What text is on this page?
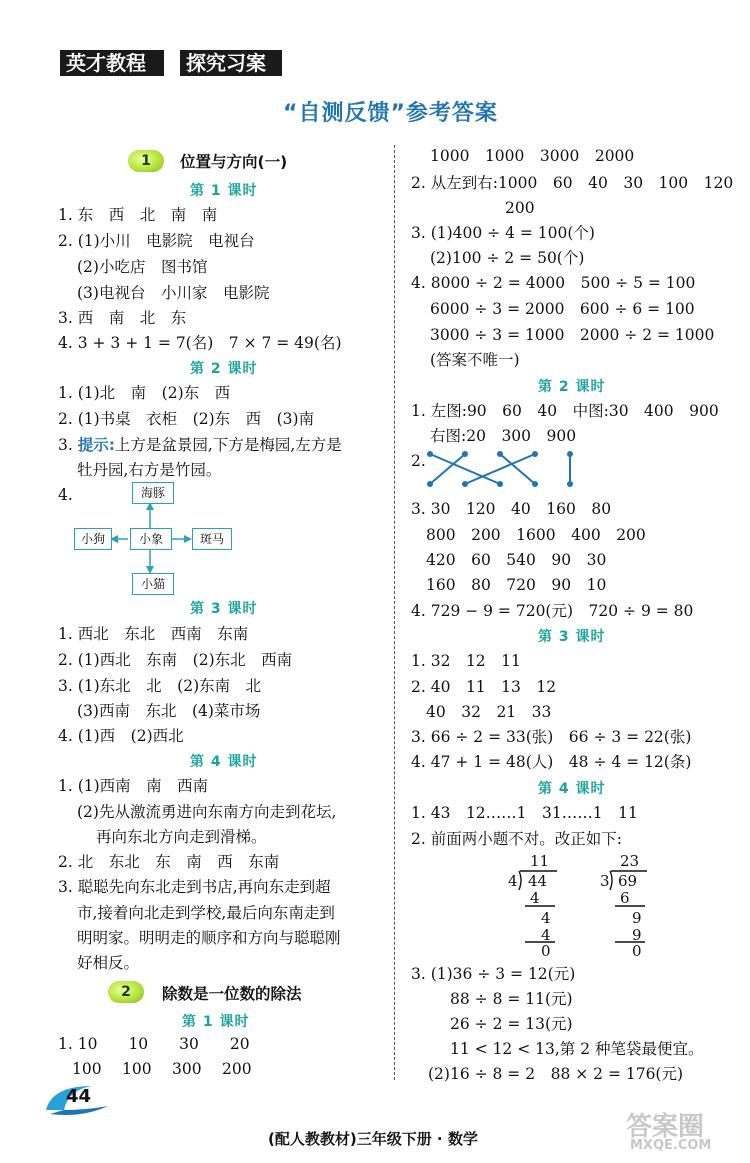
英才教程	探究习案
“自测反馈”参考答案
1	位置与方向(一)
第 1 课时
1. 东　西　北　南　南
2. (1)小川　电影院　电视台
(2)小吃店　图书馆
(3)电视台　小川家　电影院
3. 西　南　北　东
4. 3 + 3 + 1 = 7(名)　7 × 7 = 49(名)
第 2 课时
1. (1)北　南　(2)东　西
2. (1)书桌　衣柜　(2)东　西　(3)南
3. 提示:上方是盆景园,下方是梅园,左方是
牡丹园,右方是竹园。
4.	海豚
小狗	小象	斑马
小猫
第 3 课时
1. 西北　东北　西南　东南
2. (1)西北　东南　(2)东北　西南
3. (1)东北　北　(2)东南　北
(3)西南　东北　(4)菜市场
4. (1)西　(2)西北
第 4 课时
1. (1)西南　南　西南
(2)先从激流勇进向东南方向走到花坛,
再向东北方向走到滑梯。
2. 北　东北　东　南　西　东南
3. 聪聪先向东北走到书店,再向东走到超
市,接着向北走到学校,最后向东南走到
明明家。明明走的顺序和方向与聪聪刚
好相反。
2	除数是一位数的除法
第 1 课时
1. 10　　10　　30　　20
100　 100　 300　 200
1000　1000　3000　2000
2. 从左到右:1000　60　40　30　100　120
200
3. (1)400 ÷ 4 = 100(个)
(2)100 ÷ 2 = 50(个)
4. 8000 ÷ 2 = 4000　500 ÷ 5 = 100
6000 ÷ 3 = 2000　600 ÷ 6 = 100
3000 ÷ 3 = 1000　2000 ÷ 2 = 1000
(答案不唯一)
第 2 课时
1. 左图:90　60　40　中图:30　400　900
右图:20　300　900
2.
3. 30　120　40　160　80
800　200　1600　400　200
420　60　540　90　30
160　80　720　90　10
4. 729 − 9 = 720(元)　720 ÷ 9 = 80
第 3 课时
1. 32　12　11
2. 40　11　13　12
40　32　21　33
3. 66 ÷ 2 = 33(张)　66 ÷ 3 = 22(张)
4. 47 + 1 = 48(人)　48 ÷ 4 = 12(条)
第 4 课时
1. 43　12……1　31……1　11
2. 前面两小题不对。改正如下:
11
4 44
4
4
4
0
23
3 69
6
9
9
0
3. (1)36 ÷ 3 = 12(元)
88 ÷ 8 = 11(元)
26 ÷ 2 = 13(元)
11 < 12 < 13,第 2 种笔袋最便宜。
(2)16 ÷ 8 = 2　88 × 2 = 176(元)
44
(配人教教材)三年级下册 · 数学	答案圈
MXQE.COM
